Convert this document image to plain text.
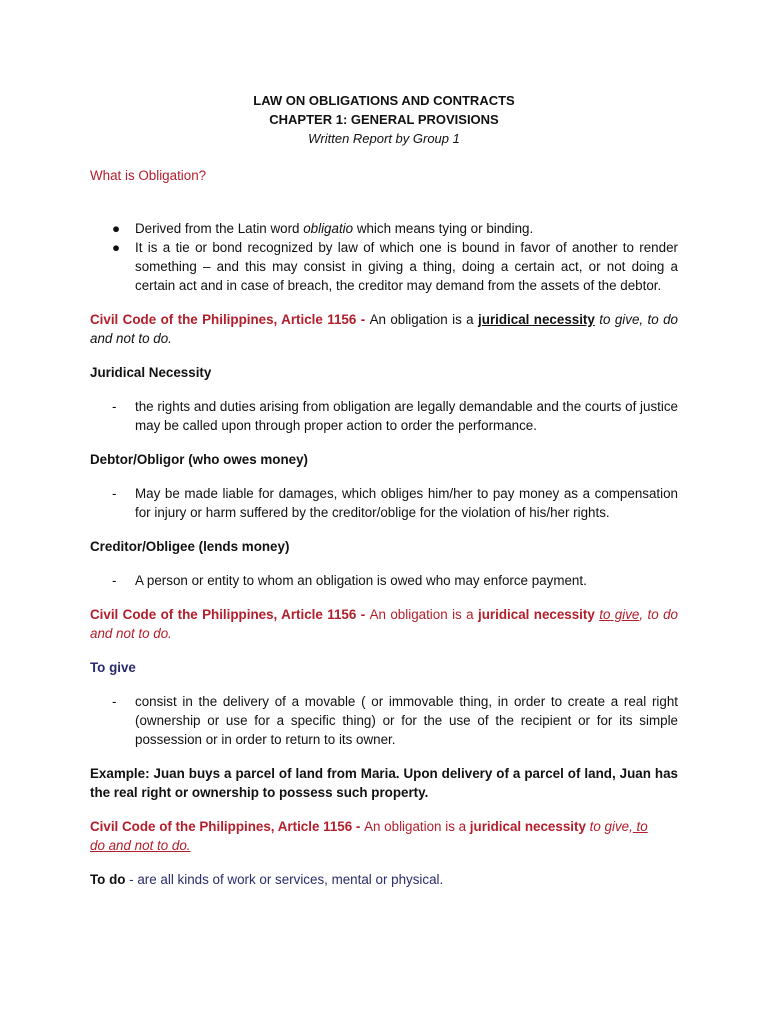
LAW ON OBLIGATIONS AND CONTRACTS
CHAPTER 1: GENERAL PROVISIONS
Written Report by Group 1

What is Obligation?

● Derived from the Latin word obligatio which means tying or binding.
● It is a tie or bond recognized by law of which one is bound in favor of another to render something – and this may consist in giving a thing, doing a certain act, or not doing a certain act and in case of breach, the creditor may demand from the assets of the debtor.

Civil Code of the Philippines, Article 1156 - An obligation is a juridical necessity to give, to do and not to do.

Juridical Necessity

- the rights and duties arising from obligation are legally demandable and the courts of justice may be called upon through proper action to order the performance.

Debtor/Obligor (who owes money)

- May be made liable for damages, which obliges him/her to pay money as a compensation for injury or harm suffered by the creditor/oblige for the violation of his/her rights.

Creditor/Obligee (lends money)

- A person or entity to whom an obligation is owed who may enforce payment.

Civil Code of the Philippines, Article 1156 - An obligation is a juridical necessity to give, to do and not to do.

To give

- consist in the delivery of a movable ( or immovable thing, in order to create a real right (ownership or use for a specific thing) or for the use of the recipient or for its simple possession or in order to return to its owner.

Example: Juan buys a parcel of land from Maria. Upon delivery of a parcel of land, Juan has the real right or ownership to possess such property.

Civil Code of the Philippines, Article 1156 - An obligation is a juridical necessity to give, to
do and not to do.

To do - are all kinds of work or services, mental or physical.
